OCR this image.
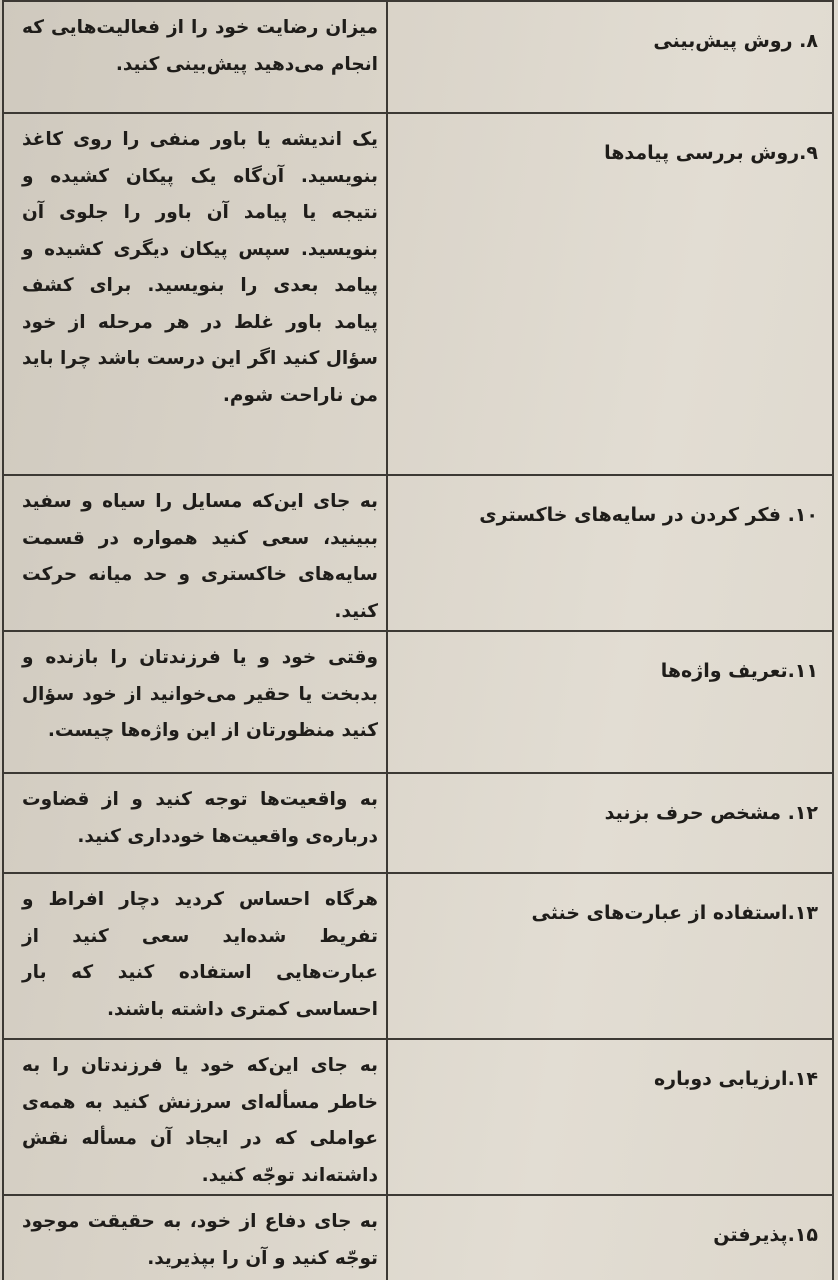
۸. روش پیش‌بینی	میزان رضایت خود را از فعالیت‌هایی که انجام می‌دهید پیش‌بینی کنید.
۹.روش بررسی پیامدها	یک اندیشه یا باور منفی را روی کاغذ بنویسید. آن‌گاه یک پیکان کشیده و نتیجه یا پیامد آن باور را جلوی آن بنویسید. سپس پیکان دیگری کشیده و پیامد بعدی را بنویسید. برای کشف پیامد باور غلط در هر مرحله از خود سؤال کنید اگر این درست باشد چرا باید من ناراحت شوم.
۱۰. فکر کردن در سایه‌های خاکستری	به جای این‌که مسایل را سیاه و سفید ببینید، سعی کنید همواره در قسمت سایه‌های خاکستری و حد میانه حرکت کنید.
۱۱.تعریف واژه‌ها	وقتی خود و یا فرزندتان را بازنده و بدبخت یا حقیر می‌خوانید از خود سؤال کنید منظورتان از این واژه‌ها چیست.
۱۲. مشخص حرف بزنید	به واقعیت‌ها توجه کنید و از قضاوت درباره‌ی واقعیت‌ها خودداری کنید.
۱۳.استفاده از عبارت‌های خنثی	هرگاه احساس کردید دچار افراط و تفریط شده‌اید سعی کنید از عبارت‌هایی استفاده کنید که بار احساسی کمتری داشته باشند.
۱۴.ارزیابی دوباره	به جای این‌که خود یا فرزندتان را به خاطر مسأله‌ای سرزنش کنید به همه‌ی عواملی که در ایجاد آن مسأله نقش داشته‌اند توجّه کنید.
۱۵.پذیرفتن	به جای دفاع از خود، به حقیقت موجود توجّه کنید و آن را بپذیرید.
